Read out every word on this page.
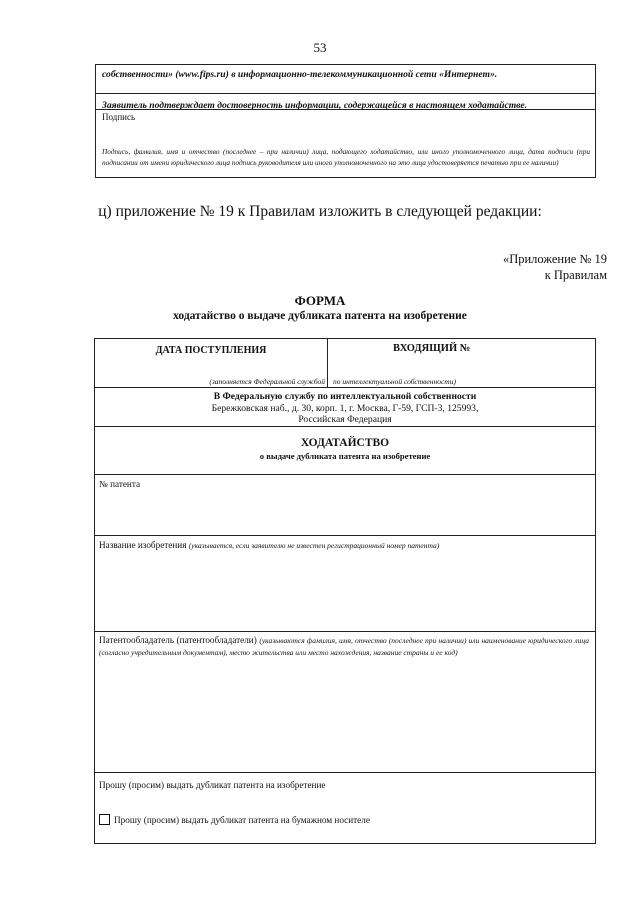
53
собственности» (www.fips.ru) в информационно-телекоммуникационной сети «Интернет».
Заявитель подтверждает достоверность информации, содержащейся в настоящем ходатайстве.
Подпись
Подпись, фамилия, имя и отчество (последнее – при наличии) лица, подающего ходатайство, или иного уполномоченного лица, дата подписи (при подписании от имени юридического лица подпись руководителя или иного уполномоченного на это лица удостоверяется печатью при ее наличии)
ц) приложение № 19 к Правилам изложить в следующей редакции:
«Приложение № 19
к Правилам
ФОРМА
ходатайство о выдаче дубликата патента на изобретение
ДАТА ПОСТУПЛЕНИЯ	ВХОДЯЩИЙ №
(заполняется Федеральной службой по интеллектуальной собственности)
В Федеральную службу по интеллектуальной собственности
Бережковская наб., д. 30, корп. 1, г. Москва, Г-59, ГСП-3, 125993,
Российская Федерация
ХОДАТАЙСТВО
о выдаче дубликата патента на изобретение
№ патента
Название изобретения (указывается, если заявителю не известен регистрационный номер патента)
Патентообладатель (патентообладатели) (указываются фамилия, имя, отчество (последнее при наличии) или наименование юридического лица (согласно учредительным документам), место жительства или место нахождения, название страны и ее код)
Прошу (просим) выдать дубликат патента на изобретение
Прошу (просим) выдать дубликат патента на бумажном носителе
